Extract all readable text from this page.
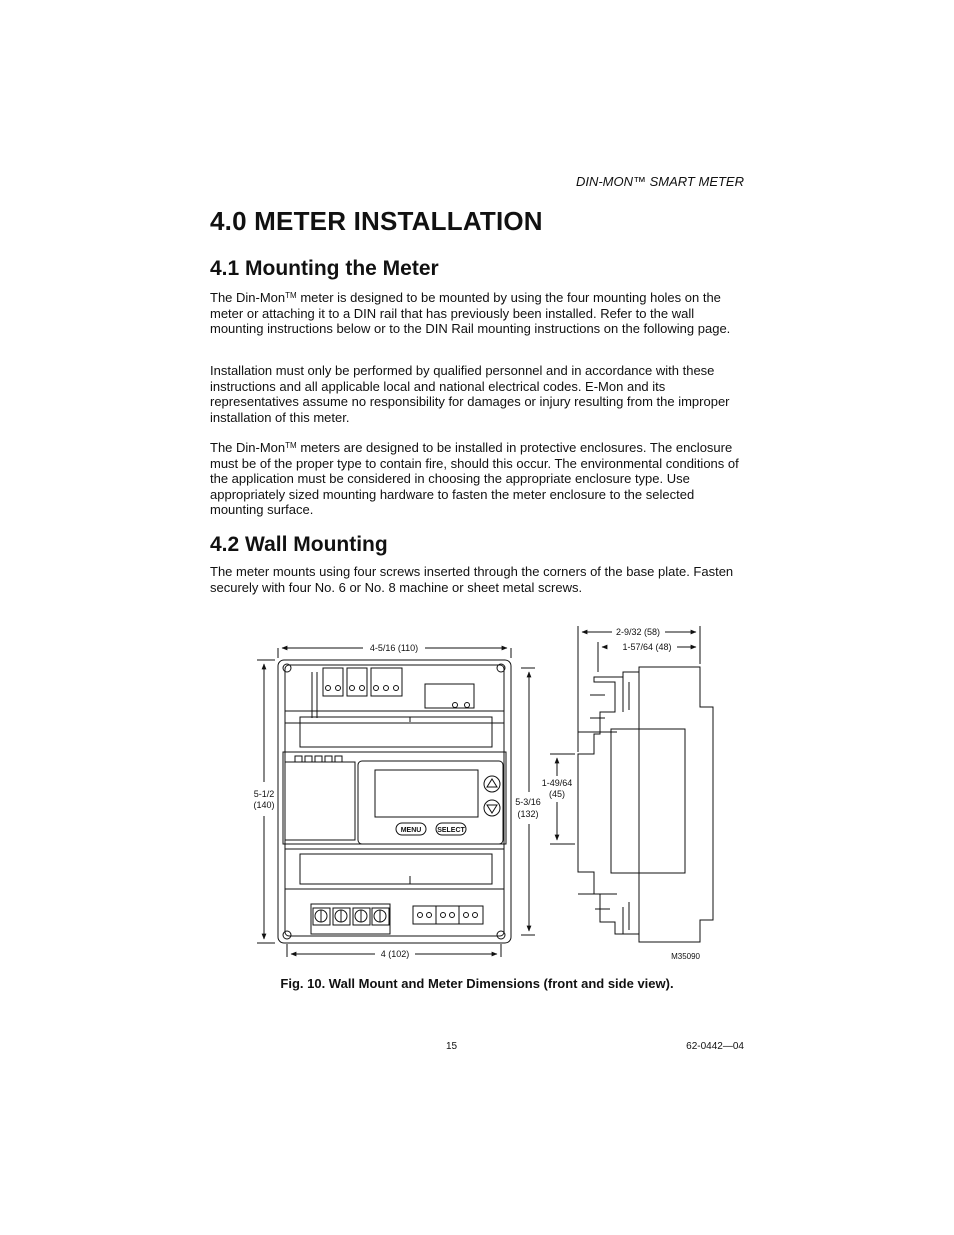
DIN-MON™ SMART METER
4.0 METER INSTALLATION
4.1 Mounting the Meter

The Din-Mon™ meter is designed to be mounted by using the four mounting holes on the meter or attaching it to a DIN rail that has previously been installed. Refer to the wall mounting instructions below or to the DIN Rail mounting instructions on the following page.

Installation must only be performed by qualified personnel and in accordance with these instructions and all applicable local and national electrical codes. E-Mon and its representatives assume no responsibility for damages or injury resulting from the improper installation of this meter.

The Din-Mon™ meters are designed to be installed in protective enclosures. The enclosure must be of the proper type to contain fire, should this occur. The environmental conditions of the application must be considered in choosing the appropriate enclosure type. Use appropriately sized mounting hardware to fasten the meter enclosure to the selected mounting surface.

4.2 Wall Mounting

The meter mounts using four screws inserted through the corners of the base plate. Fasten securely with four No. 6 or No. 8 machine or sheet metal screws.

4-5/16 (110)
4 (102)
5-1/2
(140)	5-3/16
(132)
2-9/32 (58)
1-57/64 (48)
1-49/64
(45)
M35090
MENU SELECT
Fig. 10. Wall Mount and Meter Dimensions (front and side view).
15	62-0442—04
